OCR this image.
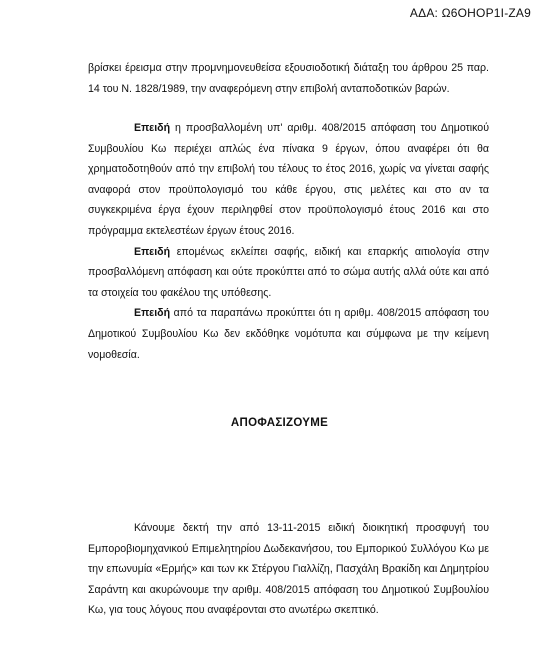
ΑΔΑ: Ω6ΟΗΟΡ1Ι-ΖΑ9

βρίσκει έρεισμα στην προμνημονευθείσα εξουσιοδοτική διάταξη του άρθρου 25 παρ. 14 του Ν. 1828/1989, την αναφερόμενη στην επιβολή ανταποδοτικών βαρών.

Επειδή η προσβαλλομένη υπ' αριθμ. 408/2015 απόφαση του Δημοτικού Συμβουλίου Κω περιέχει απλώς ένα πίνακα 9 έργων, όπου αναφέρει ότι θα χρηματοδοτηθούν από την επιβολή του τέλους το έτος 2016, χωρίς να γίνεται σαφής αναφορά στον προϋπολογισμό του κάθε έργου, στις μελέτες και στο αν τα συγκεκριμένα έργα έχουν περιληφθεί στον προϋπολογισμό έτους 2016 και στο πρόγραμμα εκτελεστέων έργων έτους 2016.

Επειδή επομένως εκλείπει σαφής, ειδική και επαρκής αιτιολογία στην προσβαλλόμενη απόφαση και ούτε προκύπτει από το σώμα αυτής αλλά ούτε και από τα στοιχεία του φακέλου της υπόθεσης.

Επειδή από τα παραπάνω προκύπτει ότι η αριθμ. 408/2015 απόφαση του Δημοτικού Συμβουλίου Κω δεν εκδόθηκε νομότυπα και σύμφωνα με την κείμενη νομοθεσία.

ΑΠΟΦΑΣΙΖΟΥΜΕ

Κάνουμε δεκτή την από 13-11-2015 ειδική διοικητική προσφυγή του Εμποροβιομηχανικού Επιμελητηρίου Δωδεκανήσου, του Εμπορικού Συλλόγου Κω με την επωνυμία «Ερμής» και των κκ Στέργου Γιαλλίζη, Πασχάλη Βρακίδη και Δημητρίου Σαράντη και ακυρώνουμε την αριθμ. 408/2015 απόφαση του Δημοτικού Συμβουλίου Κω, για τους λόγους που αναφέρονται στο ανωτέρω σκεπτικό.
